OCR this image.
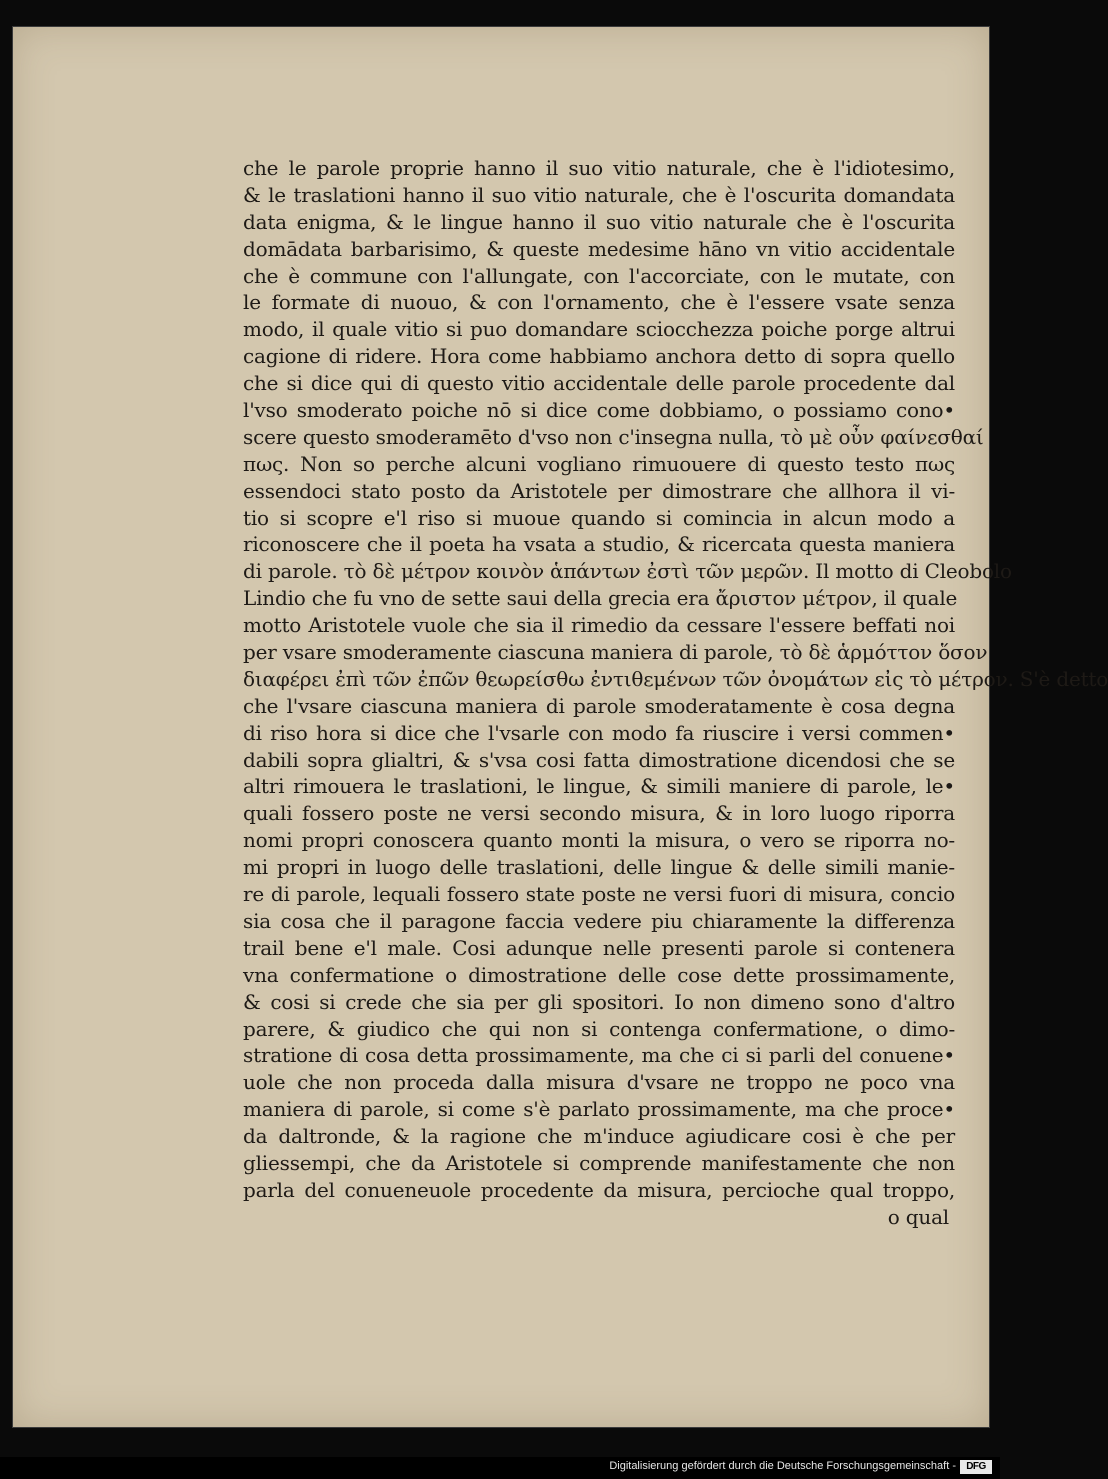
che le parole proprie hanno il suo vitio naturale, che è l'idiotesimo,
& le traslationi hanno il suo vitio naturale, che è l'oscurita domandata
data enigma, & le lingue hanno il suo vitio naturale che è l'oscurita
domādata barbarisimo, & queste medesime hāno vn vitio accidentale
che è commune con l'allungate, con l'accorciate, con le mutate, con
le formate di nuouo, & con l'ornamento, che è l'essere vsate senza
modo, il quale vitio si puo domandare sciocchezza poiche porge altrui
cagione di ridere. Hora come habbiamo anchora detto di sopra quello
che si dice qui di questo vitio accidentale delle parole procedente dal
l'vso smoderato poiche nō si dice come dobbiamo, o possiamo cono•
scere questo smoderamēto d'vso non c'insegna nulla, τὸ μὲ οὖν φαίνεσθαί
πως. Non so perche alcuni vogliano rimuouere di questo testo πως
essendoci stato posto da Aristotele per dimostrare che allhora il vi-
tio si scopre e'l riso si muoue quando si comincia in alcun modo a
riconoscere che il poeta ha vsata a studio, & ricercata questa maniera
di parole. τὸ δὲ μέτρον κοινὸν ἁπάντων ἐστὶ τῶν μερῶν. Il motto di Cleobolo
Lindio che fu vno de sette saui della grecia era ἄριστον μέτρον, il quale
motto Aristotele vuole che sia il rimedio da cessare l'essere beffati noi
per vsare smoderamente ciascuna maniera di parole, τὸ δὲ ἁρμόττον ὅσον
διαφέρει ἐπὶ τῶν ἐπῶν θεωρείσθω ἐντιθεμένων τῶν ὀνομάτων εἰς τὸ μέτρον. S'è detto
che l'vsare ciascuna maniera di parole smoderatamente è cosa degna
di riso hora si dice che l'vsarle con modo fa riuscire i versi commen•
dabili sopra glialtri, & s'vsa cosi fatta dimostratione dicendosi che se
altri rimouera le traslationi, le lingue, & simili maniere di parole, le•
quali fossero poste ne versi secondo misura, & in loro luogo riporra
nomi propri conoscera quanto monti la misura, o vero se riporra no-
mi propri in luogo delle traslationi, delle lingue & delle simili manie-
re di parole, lequali fossero state poste ne versi fuori di misura, concio
sia cosa che il paragone faccia vedere piu chiaramente la differenza
trail bene e'l male. Cosi adunque nelle presenti parole si contenera
vna confermatione o dimostratione delle cose dette prossimamente,
& cosi si crede che sia per gli spositori. Io non dimeno sono d'altro
parere, & giudico che qui non si contenga confermatione, o dimo-
stratione di cosa detta prossimamente, ma che ci si parli del conuene•
uole che non proceda dalla misura d'vsare ne troppo ne poco vna
maniera di parole, si come s'è parlato prossimamente, ma che proce•
da daltronde, & la ragione che m'induce agiudicare cosi è che per
gliessempi, che da Aristotele si comprende manifestamente che non
parla del conueneuole procedente da misura, percioche qual troppo,
o qual
Digitalisierung gefördert durch die Deutsche Forschungsgemeinschaft -	DFG
